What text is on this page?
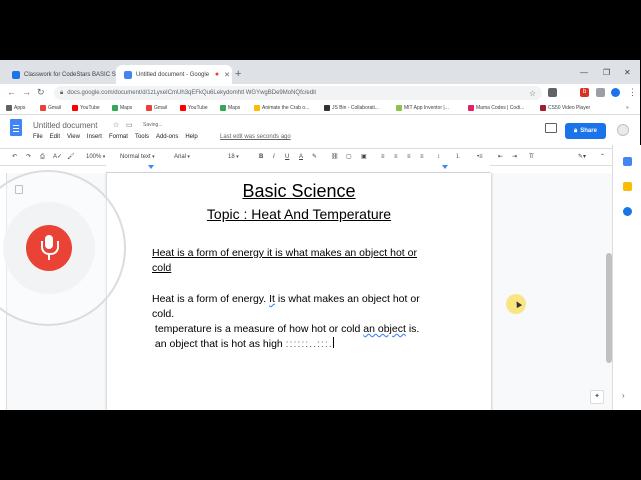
Classwork for CodeStars BASIC S	Untitled document - Google ● ✕ +	— ❐ ✕
← → ↻	🔒︎ docs.google.com/document/d/1zLyxeICmUh3qEFkQu6Lekydomhtl WGYwgBDe9MoNQfc/edit	☆	b	⋮
Apps	Gmail	YouTube	Maps	Gmail	YouTube	Maps	Animate the Crab o...	JS Bin - Collaborati...	MIT App Inventor |...	Mama Codes | Codi...	CS50 Video Player	»
Untitled document ☆ ▭ Saving...
File Edit View Insert Format Tools Add-ons Help	Last edit was seconds ago
🔒︎ Share
↶ ↷ ⎙ A✓ 🖌︎ 100% ▾	Normal text ▾	Arial ▾	18 ▾	B I U A ✎ ⛓︎ ▢ ▣ ≡ ≡ ≡ ≡ ↕	⒈	•≡	⇤ ⇥ T̸	✎▾ ⌃
Basic Science
Topic : Heat And Temperature
Heat is a form of energy it is what makes an object hot or
cold
Heat is a form of energy. It is what makes an object hot or
cold.
temperature is a measure of how hot or cold an object is.
an object that is hot as high ::::::..:::.
✦	›
